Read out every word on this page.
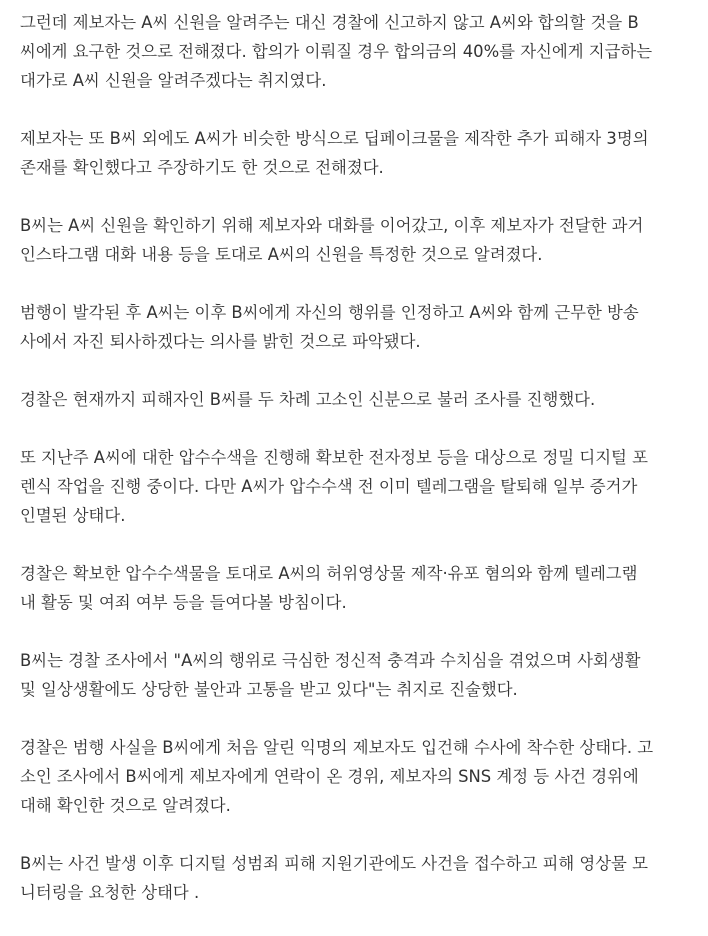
그런데 제보자는 A씨 신원을 알려주는 대신 경찰에 신고하지 않고 A씨와 합의할 것을 B
씨에게 요구한 것으로 전해졌다. 합의가 이뤄질 경우 합의금의 40%를 자신에게 지급하는
대가로 A씨 신원을 알려주겠다는 취지였다.

제보자는 또 B씨 외에도 A씨가 비슷한 방식으로 딥페이크물을 제작한 추가 피해자 3명의
존재를 확인했다고 주장하기도 한 것으로 전해졌다.

B씨는 A씨 신원을 확인하기 위해 제보자와 대화를 이어갔고, 이후 제보자가 전달한 과거
인스타그램 대화 내용 등을 토대로 A씨의 신원을 특정한 것으로 알려졌다.

범행이 발각된 후 A씨는 이후 B씨에게 자신의 행위를 인정하고 A씨와 함께 근무한 방송
사에서 자진 퇴사하겠다는 의사를 밝힌 것으로 파악됐다.

경찰은 현재까지 피해자인 B씨를 두 차례 고소인 신분으로 불러 조사를 진행했다.

또 지난주 A씨에 대한 압수수색을 진행해 확보한 전자정보 등을 대상으로 정밀 디지털 포
렌식 작업을 진행 중이다. 다만 A씨가 압수수색 전 이미 텔레그램을 탈퇴해 일부 증거가
인멸된 상태다.

경찰은 확보한 압수수색물을 토대로 A씨의 허위영상물 제작·유포 혐의와 함께 텔레그램
내 활동 및 여죄 여부 등을 들여다볼 방침이다.

B씨는 경찰 조사에서 "A씨의 행위로 극심한 정신적 충격과 수치심을 겪었으며 사회생활
및 일상생활에도 상당한 불안과 고통을 받고 있다"는 취지로 진술했다.

경찰은 범행 사실을 B씨에게 처음 알린 익명의 제보자도 입건해 수사에 착수한 상태다. 고
소인 조사에서 B씨에게 제보자에게 연락이 온 경위, 제보자의 SNS 계정 등 사건 경위에
대해 확인한 것으로 알려졌다.

B씨는 사건 발생 이후 디지털 성범죄 피해 지원기관에도 사건을 접수하고 피해 영상물 모
니터링을 요청한 상태다 .
